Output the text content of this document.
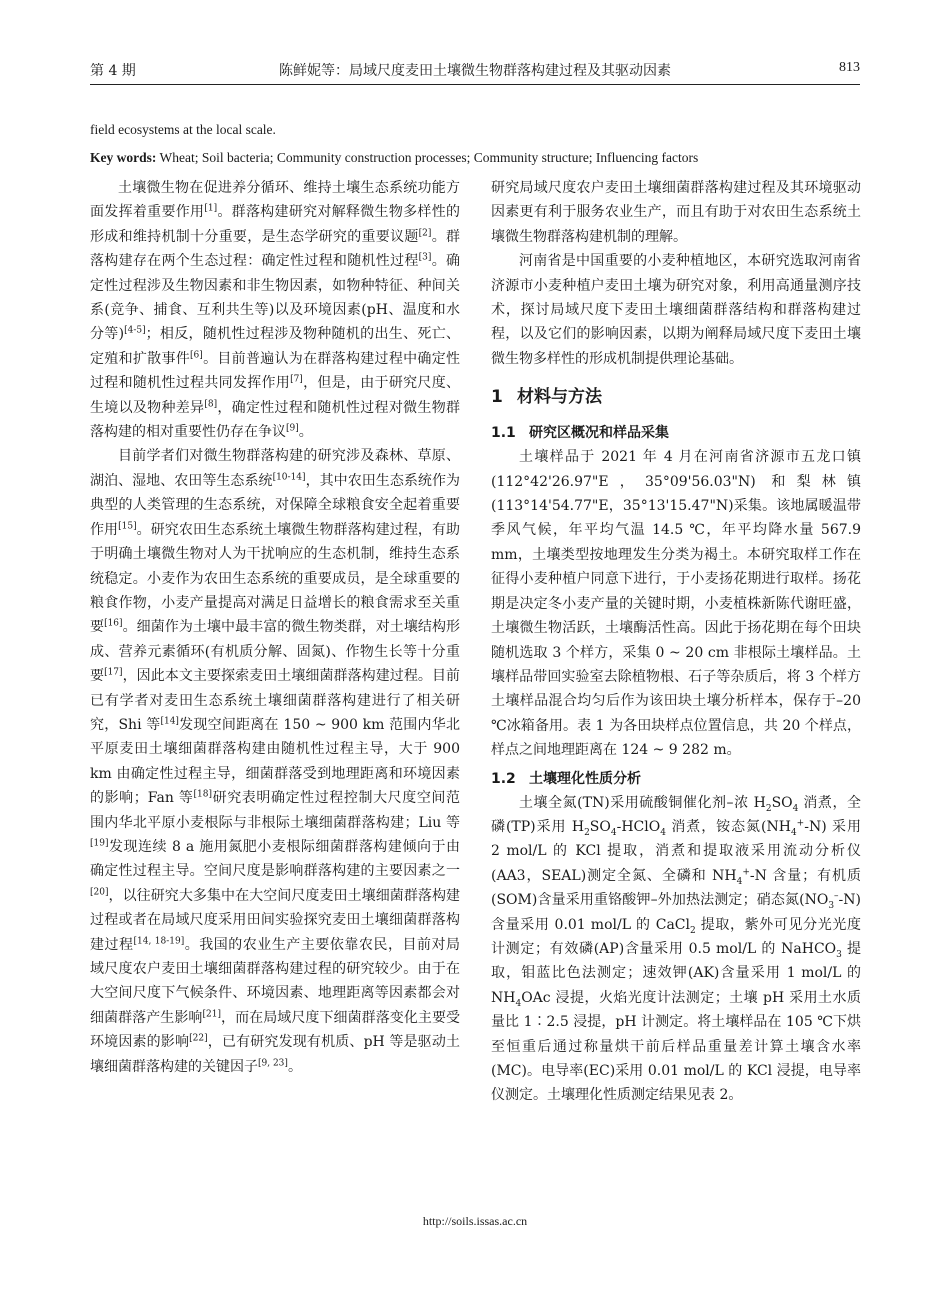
第 4 期	陈鲜妮等：局域尺度麦田土壤微生物群落构建过程及其驱动因素	813
field ecosystems at the local scale.
Key words: Wheat; Soil bacteria; Community construction processes; Community structure; Influencing factors

土壤微生物在促进养分循环、维持土壤生态系统功能方面发挥着重要作用[1]。群落构建研究对解释微生物多样性的形成和维持机制十分重要，是生态学研究的重要议题[2]。群落构建存在两个生态过程：确定性过程和随机性过程[3]。确定性过程涉及生物因素和非生物因素，如物种特征、种间关系(竞争、捕食、互利共生等)以及环境因素(pH、温度和水分等)[4-5]；相反，随机性过程涉及物种随机的出生、死亡、定殖和扩散事件[6]。目前普遍认为在群落构建过程中确定性过程和随机性过程共同发挥作用[7]，但是，由于研究尺度、生境以及物种差异[8]，确定性过程和随机性过程对微生物群落构建的相对重要性仍存在争议[9]。

目前学者们对微生物群落构建的研究涉及森林、草原、湖泊、湿地、农田等生态系统[10-14]，其中农田生态系统作为典型的人类管理的生态系统，对保障全球粮食安全起着重要作用[15]。研究农田生态系统土壤微生物群落构建过程，有助于明确土壤微生物对人为干扰响应的生态机制，维持生态系统稳定。小麦作为农田生态系统的重要成员，是全球重要的粮食作物，小麦产量提高对满足日益增长的粮食需求至关重要[16]。细菌作为土壤中最丰富的微生物类群，对土壤结构形成、营养元素循环(有机质分解、固氮)、作物生长等十分重要[17]，因此本文主要探索麦田土壤细菌群落构建过程。目前已有学者对麦田生态系统土壤细菌群落构建进行了相关研究，Shi 等[14]发现空间距离在 150 ~ 900 km 范围内华北平原麦田土壤细菌群落构建由随机性过程主导，大于 900 km 由确定性过程主导，细菌群落受到地理距离和环境因素的影响；Fan 等[18]研究表明确定性过程控制大尺度空间范围内华北平原小麦根际与非根际土壤细菌群落构建；Liu 等[19]发现连续 8 a 施用氮肥小麦根际细菌群落构建倾向于由确定性过程主导。空间尺度是影响群落构建的主要因素之一[20]，以往研究大多集中在大空间尺度麦田土壤细菌群落构建过程或者在局域尺度采用田间实验探究麦田土壤细菌群落构建过程[14, 18-19]。我国的农业生产主要依靠农民，目前对局域尺度农户麦田土壤细菌群落构建过程的研究较少。由于在大空间尺度下气候条件、环境因素、地理距离等因素都会对细菌群落产生影响[21]，而在局域尺度下细菌群落变化主要受环境因素的影响[22]，已有研究发现有机质、pH 等是驱动土壤细菌群落构建的关键因子[9, 23]。

研究局域尺度农户麦田土壤细菌群落构建过程及其环境驱动因素更有利于服务农业生产，而且有助于对农田生态系统土壤微生物群落构建机制的理解。

河南省是中国重要的小麦种植地区，本研究选取河南省济源市小麦种植户麦田土壤为研究对象，利用高通量测序技术，探讨局域尺度下麦田土壤细菌群落结构和群落构建过程，以及它们的影响因素，以期为阐释局域尺度下麦田土壤微生物多样性的形成机制提供理论基础。

1 材料与方法
1.1 研究区概况和样品采集

土壤样品于 2021 年 4 月在河南省济源市五龙口镇 (112°42'26.97"E，35°09'56.03"N) 和梨林镇 (113°14'54.77"E，35°13'15.47"N)采集。该地属暖温带季风气候，年平均气温 14.5 ℃，年平均降水量 567.9 mm，土壤类型按地理发生分类为褐土。本研究取样工作在征得小麦种植户同意下进行，于小麦扬花期进行取样。扬花期是决定冬小麦产量的关键时期，小麦植株新陈代谢旺盛，土壤微生物活跃，土壤酶活性高。因此于扬花期在每个田块随机选取 3 个样方，采集 0 ~ 20 cm 非根际土壤样品。土壤样品带回实验室去除植物根、石子等杂质后，将 3 个样方土壤样品混合均匀后作为该田块土壤分析样本，保存于–20 ℃冰箱备用。表 1 为各田块样点位置信息，共 20 个样点，样点之间地理距离在 124 ~ 9 282 m。

1.2 土壤理化性质分析

土壤全氮(TN)采用硫酸铜催化剂–浓 $H_2SO_4$ 消煮，全磷(TP)采用 $H_2SO_4-HClO_4$ 消煮，铵态氮$(NH_4^+-N)$ 采用 2 mol/L 的 KCl 提取，消煮和提取液采用流动分析仪(AA3，SEAL)测定全氮、全磷和 $NH_4^+-N$ 含量；有机质(SOM)含量采用重铬酸钾–外加热法测定；硝态氮$(NO_3^--N)$含量采用 0.01 mol/L 的 CaCl$_2$ 提取，紫外可见分光光度计测定；有效磷(AP)含量采用 0.5 mol/L 的 NaHCO$_3$ 提取，钼蓝比色法测定；速效钾(AK)含量采用 1 mol/L 的 $NH_4OAc$ 浸提，火焰光度计法测定；土壤 pH 采用土水质量比 1∶2.5 浸提，pH 计测定。将土壤样品在 105 ℃下烘至恒重后通过称量烘干前后样品重量差计算土壤含水率(MC)。电导率(EC)采用 0.01 mol/L 的 KCl 浸提，电导率仪测定。土壤理化性质测定结果见表 2。

http://soils.issas.ac.cn
